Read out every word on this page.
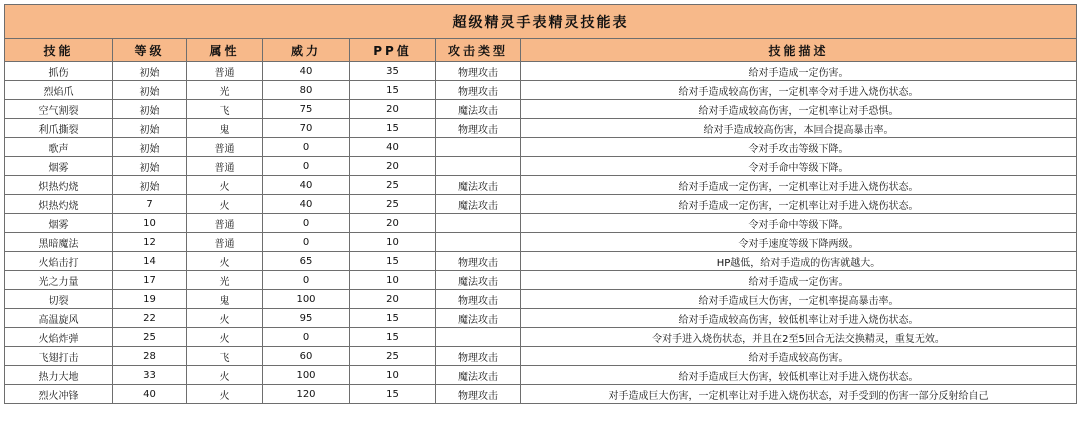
超级精灵手表精灵技能表						
技能	等级	属性	威力	PP值	攻击类型	技能描述
抓伤	初始	普通	40	35	物理攻击	给对手造成一定伤害。
烈焰爪	初始	光	80	15	物理攻击	给对手造成较高伤害，一定机率令对手进入烧伤状态。
空气割裂	初始	飞	75	20	魔法攻击	给对手造成较高伤害，一定机率让对手恐惧。
利爪撕裂	初始	鬼	70	15	物理攻击	给对手造成较高伤害，本回合提高暴击率。
歌声	初始	普通	0	40		令对手攻击等级下降。
烟雾	初始	普通	0	20		令对手命中等级下降。
炽热灼烧	初始	火	40	25	魔法攻击	给对手造成一定伤害，一定机率让对手进入烧伤状态。
炽热灼烧	7	火	40	25	魔法攻击	给对手造成一定伤害，一定机率让对手进入烧伤状态。
烟雾	10	普通	0	20		令对手命中等级下降。
黑暗魔法	12	普通	0	10		令对手速度等级下降两级。
火焰击打	14	火	65	15	物理攻击	HP越低，给对手造成的伤害就越大。
光之力量	17	光	0	10	魔法攻击	给对手造成一定伤害。
切裂	19	鬼	100	20	物理攻击	给对手造成巨大伤害，一定机率提高暴击率。
高温旋风	22	火	95	15	魔法攻击	给对手造成较高伤害，较低机率让对手进入烧伤状态。
火焰炸弹	25	火	0	15		令对手进入烧伤状态，并且在2至5回合无法交换精灵，重复无效。
飞翅打击	28	飞	60	25	物理攻击	给对手造成较高伤害。
热力大地	33	火	100	10	魔法攻击	给对手造成巨大伤害，较低机率让对手进入烧伤状态。
烈火冲锋	40	火	120	15	物理攻击	对手造成巨大伤害，一定机率让对手进入烧伤状态，对手受到的伤害一部分反射给自己
